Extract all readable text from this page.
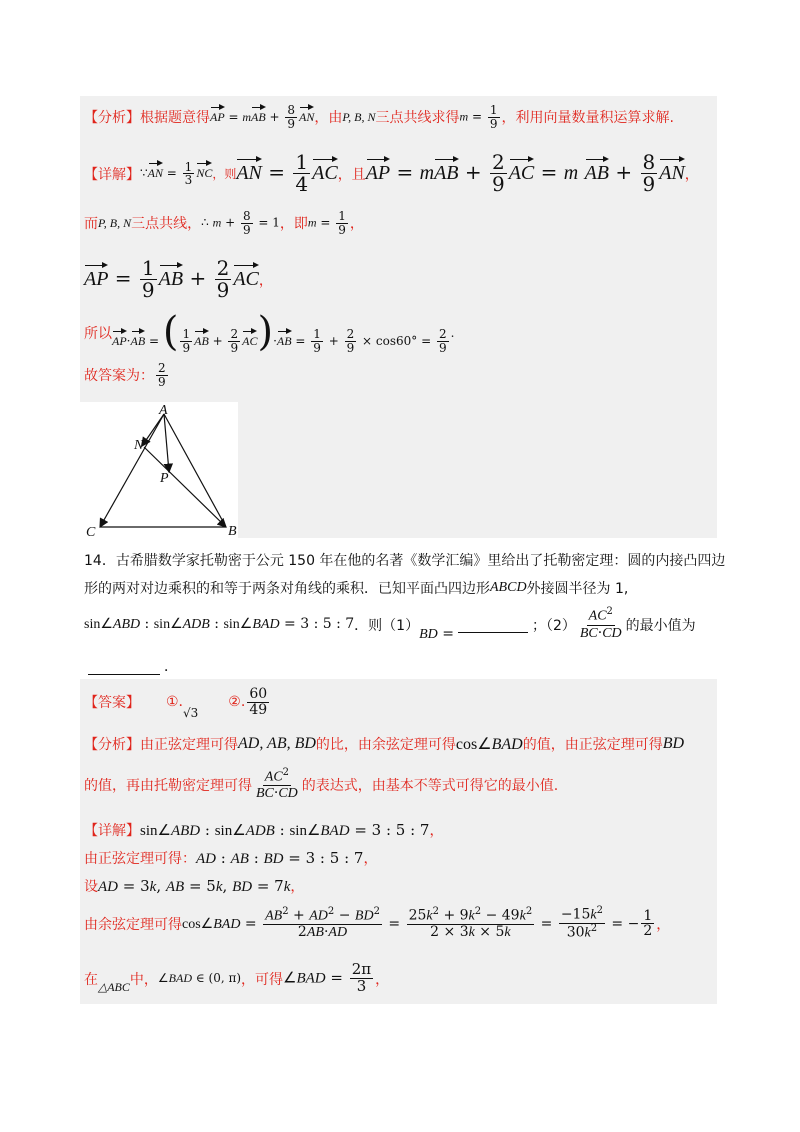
【分析】 根据题意得 AP = mAB + $\frac{8}{9}$ AN ，由 P, B, N 三点共线求得 $m = \frac{1}{9}$ ，利用向量数量积运算求解.
【详解】 ∵AN = $\frac{1}{3}$ NC ，则 AN = $\frac{1}{4}$ AC ，且 AP = mAB + $\frac{2}{9}$ AC = m AB + $\frac{8}{9}$ AN ，
而 P, B, N 三点共线， ∴ $m + \frac{8}{9} = 1$ ，即 $m = \frac{1}{9}$ ，
AP = $\frac{1}{9}$ AB + $\frac{2}{9}$ AC ，
所以 AP·AB = ( $\frac{1}{9}$ AB + $\frac{2}{9} AC)\cdot AB = \frac{1}{9} + \frac{2}{9} \times \cos 60^\circ = \frac{2}{9}$ .
故答案为： $\frac{2}{9}$
A
N
P
C	B
14．古希腊数学家托勒密于公元 150 年在他的名著《数学汇编》里给出了托勒密定理：圆的内接凸四边
形的两对对边乘积的和等于两条对角线的乘积．已知平面凸四边形 ABCD 外接圆半径为 1,
sin∠ABD : sin∠ADB : sin∠BAD = 3 : 5 : 7 ．则（1）
BD =
；$(2) \frac{AC^2}{BC\cdot CD}$ 的最小值为
．
【答案】 ①.
√3
②. $\frac{60}{49}$
【分析】 由正弦定理可得 AD, AB, BD 的比，由余弦定理可得 cos∠BAD 的值，由正弦定理可得 BD
的值，再由托勒密定理可得 $\frac{AC^2}{BC\cdot CD}$ 的表达式，由基本不等式可得它的最小值.
【详解】 sin∠ABD : sin∠ADB : sin∠BAD = 3 : 5 : 7 ，
由正弦定理可得： AD : AB : BD = 3 : 5 : 7 ，
设 AD = 3k, AB = 5k, BD = 7k ，
由余弦定理可得 cos∠BAD = $\frac{AB^2 + AD^2 - BD^2}{2AB\cdot AD} = \frac{25k^2 + 9k^2 - 49k^2}{2 \times 3k \times 5k} = \frac{-15k^2}{30k^2}$ = − $\frac{1}{2}$ ，
在 △ABC 中， ∠BAD ∈ (0, π) ，可得 ∠BAD = $\frac{2\pi}{3}$ ，
